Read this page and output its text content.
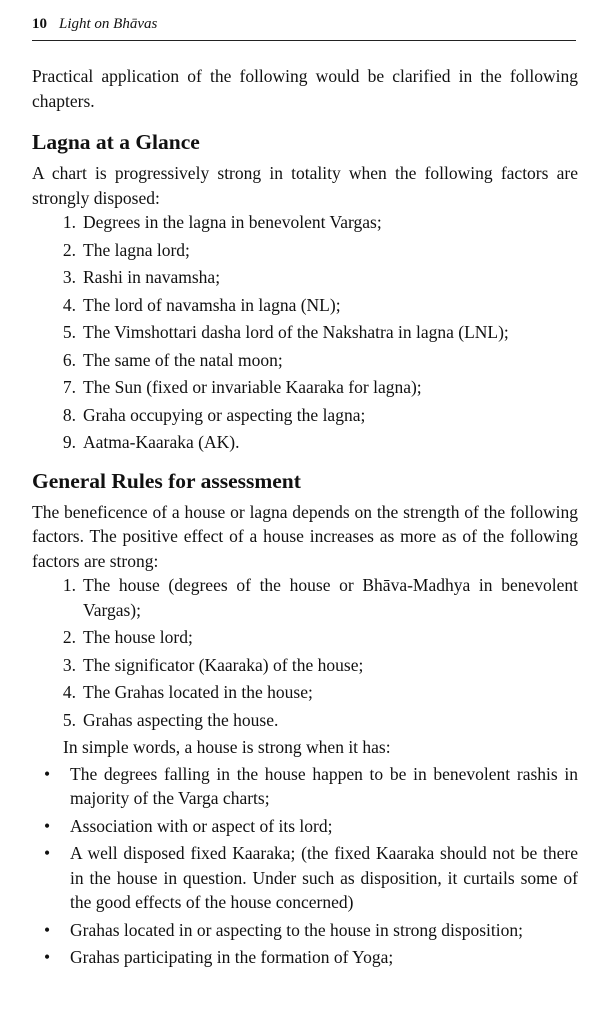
10 Light on Bhāvas

Practical application of the following would be clarified in the following chapters.

Lagna at a Glance

A chart is progressively strong in totality when the following factors are strongly disposed:

1. Degrees in the lagna in benevolent Vargas;
2. The lagna lord;
3. Rashi in navamsha;
4. The lord of navamsha in lagna (NL);
5. The Vimshottari dasha lord of the Nakshatra in lagna (LNL);
6. The same of the natal moon;
7. The Sun (fixed or invariable Kaaraka for lagna);
8. Graha occupying or aspecting the lagna;
9. Aatma-Kaaraka (AK).
General Rules for assessment

The beneficence of a house or lagna depends on the strength of the following factors. The positive effect of a house increases as more as of the following factors are strong:

1. The house (degrees of the house or Bhāva-Madhya in benevolent Vargas);
2. The house lord;
3. The significator (Kaaraka) of the house;
4. The Grahas located in the house;
5. Grahas aspecting the house.

In simple words, a house is strong when it has:

•	The degrees falling in the house happen to be in benevolent rashis in majority of the Varga charts;
•	Association with or aspect of its lord;
•	A well disposed fixed Kaaraka; (the fixed Kaaraka should not be there in the house in question. Under such as disposition, it curtails some of the good effects of the house concerned)
•	Grahas located in or aspecting to the house in strong disposition;
•	Grahas participating in the formation of Yoga;
